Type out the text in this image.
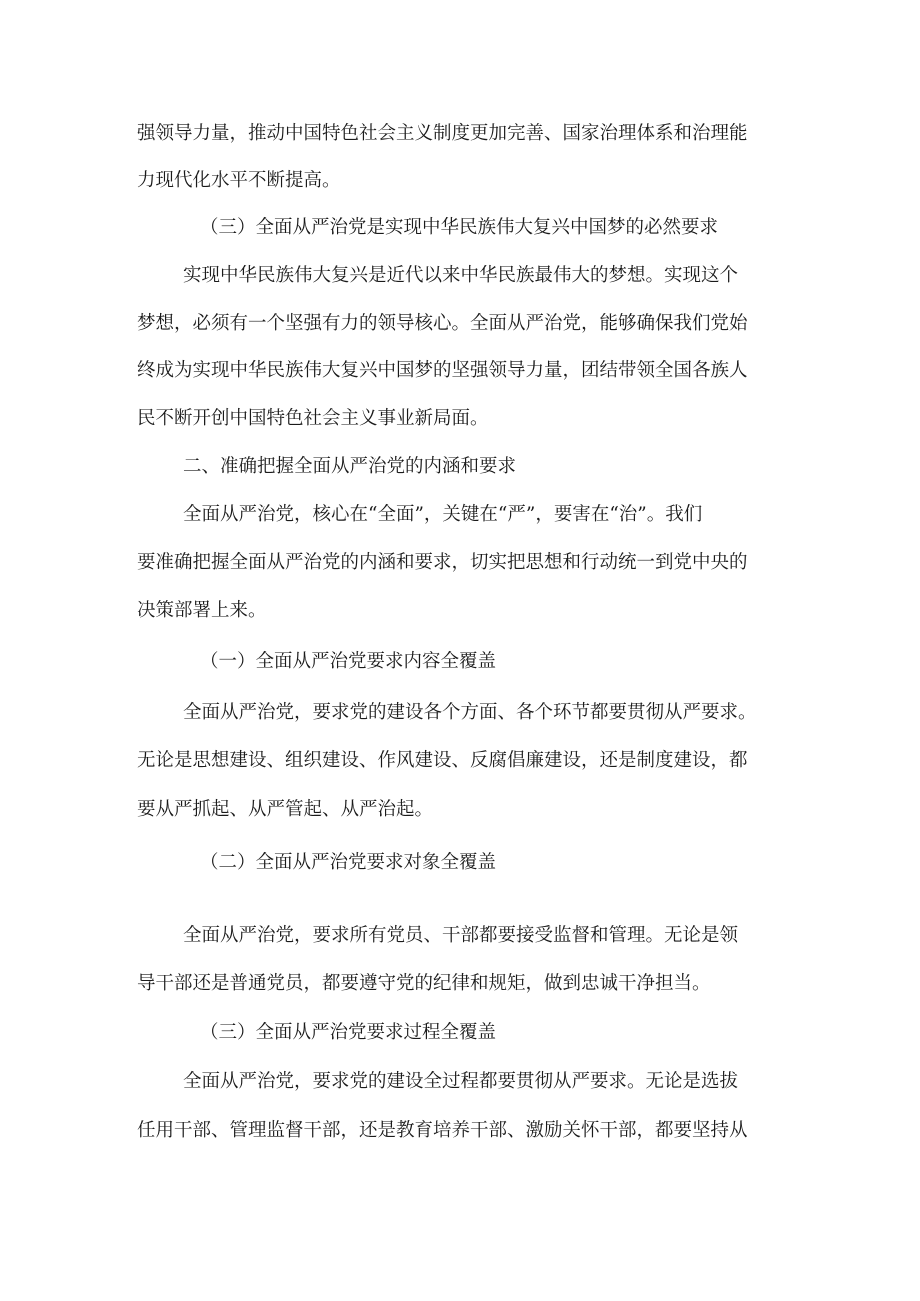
强领导力量，推动中国特色社会主义制度更加完善、国家治理体系和治理能
力现代化水平不断提高。
（三）全面从严治党是实现中华民族伟大复兴中国梦的必然要求
实现中华民族伟大复兴是近代以来中华民族最伟大的梦想。实现这个
梦想，必须有一个坚强有力的领导核心。全面从严治党，能够确保我们党始
终成为实现中华民族伟大复兴中国梦的坚强领导力量，团结带领全国各族人
民不断开创中国特色社会主义事业新局面。
二、准确把握全面从严治党的内涵和要求
全面从严治党，核心在“全面”，关键在“严”，要害在“治”。我们
要准确把握全面从严治党的内涵和要求，切实把思想和行动统一到党中央的
决策部署上来。
（一）全面从严治党要求内容全覆盖
全面从严治党，要求党的建设各个方面、各个环节都要贯彻从严要求。
无论是思想建设、组织建设、作风建设、反腐倡廉建设，还是制度建设，都
要从严抓起、从严管起、从严治起。
（二）全面从严治党要求对象全覆盖
全面从严治党，要求所有党员、干部都要接受监督和管理。无论是领
导干部还是普通党员，都要遵守党的纪律和规矩，做到忠诚干净担当。
（三）全面从严治党要求过程全覆盖
全面从严治党，要求党的建设全过程都要贯彻从严要求。无论是选拔
任用干部、管理监督干部，还是教育培养干部、激励关怀干部，都要坚持从
